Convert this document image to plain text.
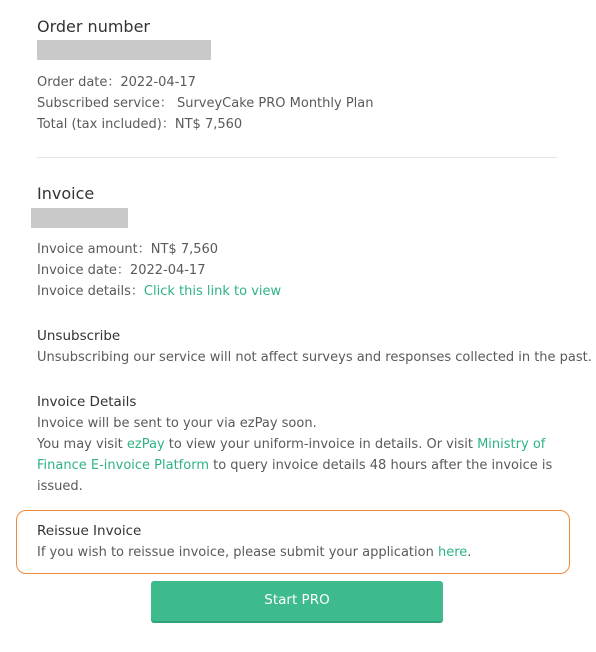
Order number
Order date：2022-04-17
Subscribed service： SurveyCake PRO Monthly Plan
Total (tax included)：NT$ 7,560
Invoice
Invoice amount：NT$ 7,560
Invoice date：2022-04-17
Invoice details：Click this link to view
Unsubscribe
Unsubscribing our service will not affect surveys and responses collected in the past.
Invoice Details
Invoice will be sent to your via ezPay soon.
You may visit ezPay to view your uniform-invoice in details. Or visit Ministry of
Finance E-invoice Platform to query invoice details 48 hours after the invoice is
issued.
Reissue Invoice
If you wish to reissue invoice, please submit your application here.
Start PRO
